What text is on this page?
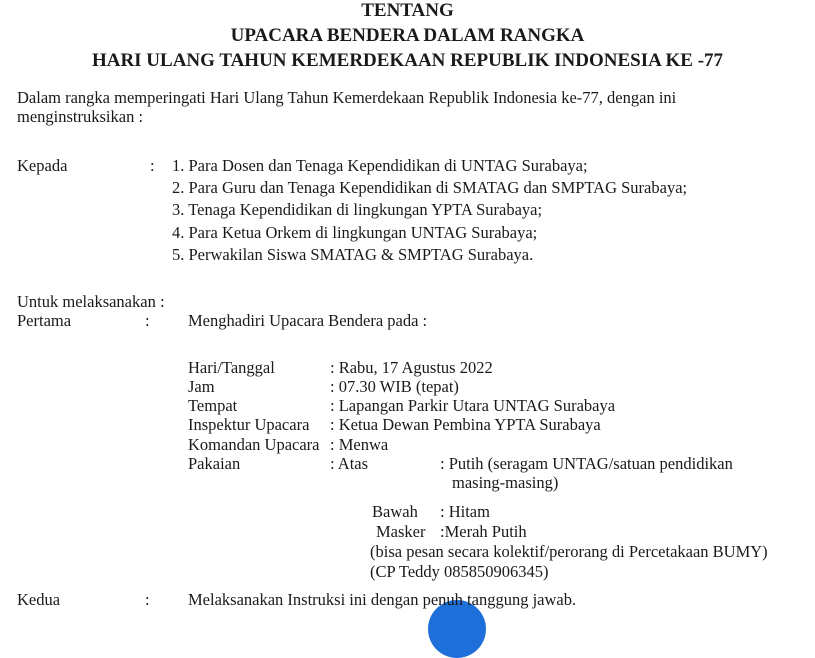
TENTANG
UPACARA BENDERA DALAM RANGKA
HARI ULANG TAHUN KEMERDEKAAN REPUBLIK INDONESIA KE -77
Dalam rangka memperingati Hari Ulang Tahun Kemerdekaan Republik Indonesia ke-77, dengan ini
menginstruksikan :
Kepada	: 1. Para Dosen dan Tenaga Kependidikan di UNTAG Surabaya;
2. Para Guru dan Tenaga Kependidikan di SMATAG dan SMPTAG Surabaya;
3. Tenaga Kependidikan di lingkungan YPTA Surabaya;
4. Para Ketua Orkem di lingkungan UNTAG Surabaya;
5. Perwakilan Siswa SMATAG & SMPTAG Surabaya.
Untuk melaksanakan :
Pertama	: Menghadiri Upacara Bendera pada :
Hari/Tanggal	: Rabu, 17 Agustus 2022
Jam	: 07.30 WIB (tepat)
Tempat	: Lapangan Parkir Utara UNTAG Surabaya
Inspektur Upacara : Ketua Dewan Pembina YPTA Surabaya
Komandan Upacara : Menwa
Pakaian	: Atas	: Putih (seragam UNTAG/satuan pendidikan
masing-masing)
Bawah : Hitam
Masker :Merah Putih
(bisa pesan secara kolektif/perorang di Percetakaan BUMY)
(CP Teddy 085850906345)
Kedua	: Melaksanakan Instruksi ini dengan penuh tanggung jawab.
